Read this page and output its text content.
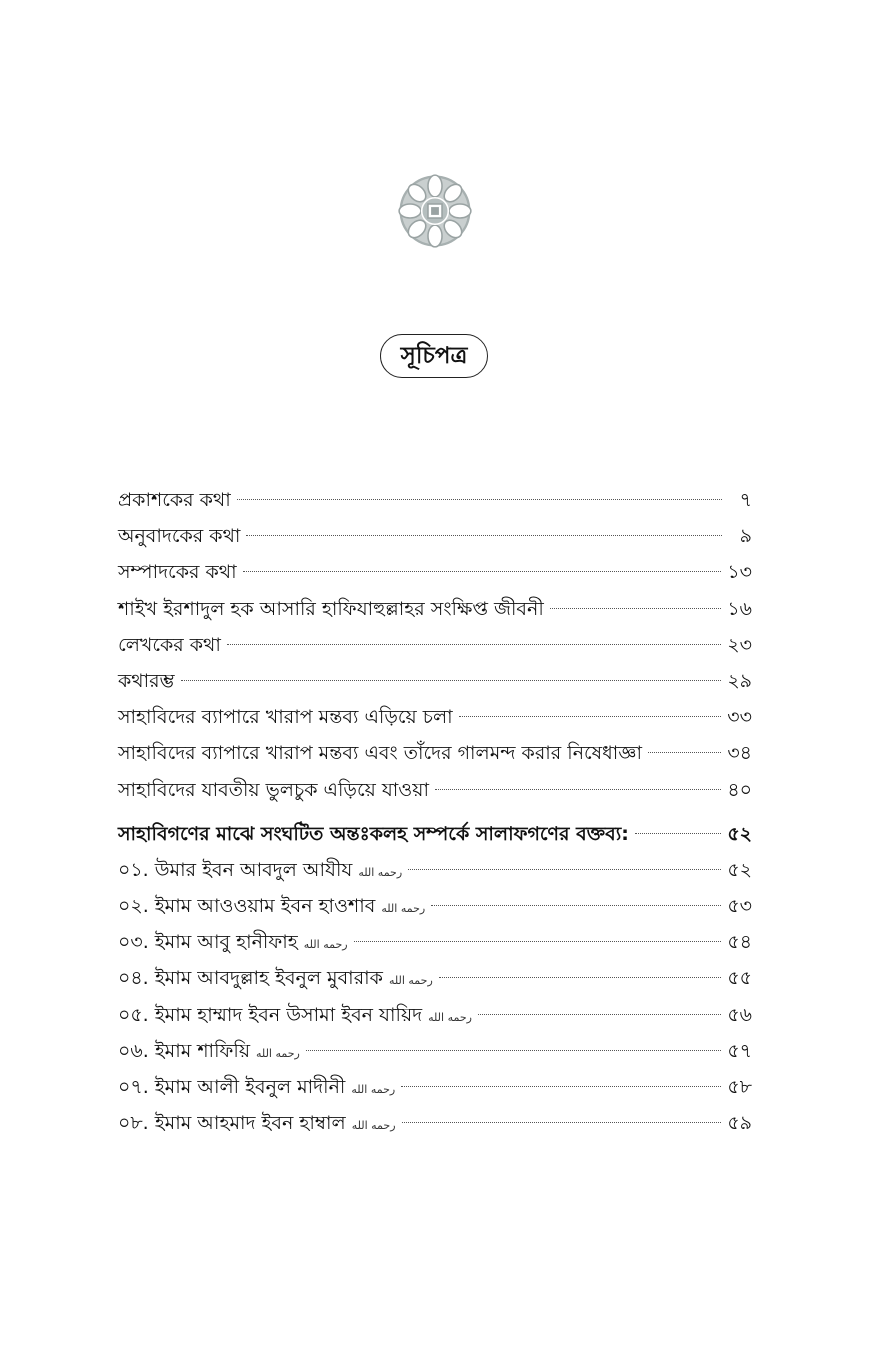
সূচিপত্র
প্রকাশকের কথা	৭
অনুবাদকের কথা	৯
সম্পাদকের কথা	১৩
শাইখ ইরশাদুল হক আসারি হাফিযাহুল্লাহর সংক্ষিপ্ত জীবনী	১৬
লেখকের কথা	২৩
কথারম্ভ	২৯
সাহাবিদের ব্যাপারে খারাপ মন্তব্য এড়িয়ে চলা	৩৩
সাহাবিদের ব্যাপারে খারাপ মন্তব্য এবং তাঁদের গালমন্দ করার নিষেধাজ্ঞা	৩৪
সাহাবিদের যাবতীয় ভুলচুক এড়িয়ে যাওয়া	৪০
সাহাবিগণের মাঝে সংঘটিত অন্তঃকলহ সম্পর্কে সালাফগণের বক্তব্য:	৫২
০১. উমার ইবন আবদুল আযীয رحمه الله	৫২
০২. ইমাম আওওয়াম ইবন হাওশাব رحمه الله	৫৩
০৩. ইমাম আবু হানীফাহ رحمه الله	৫৪
০৪. ইমাম আবদুল্লাহ ইবনুল মুবারাক رحمه الله	৫৫
০৫. ইমাম হাম্মাদ ইবন উসামা ইবন যায়িদ رحمه الله	৫৬
০৬. ইমাম শাফিয়ি رحمه الله	৫৭
০৭. ইমাম আলী ইবনুল মাদীনী رحمه الله	৫৮
০৮. ইমাম আহমাদ ইবন হাম্বাল رحمه الله	৫৯
